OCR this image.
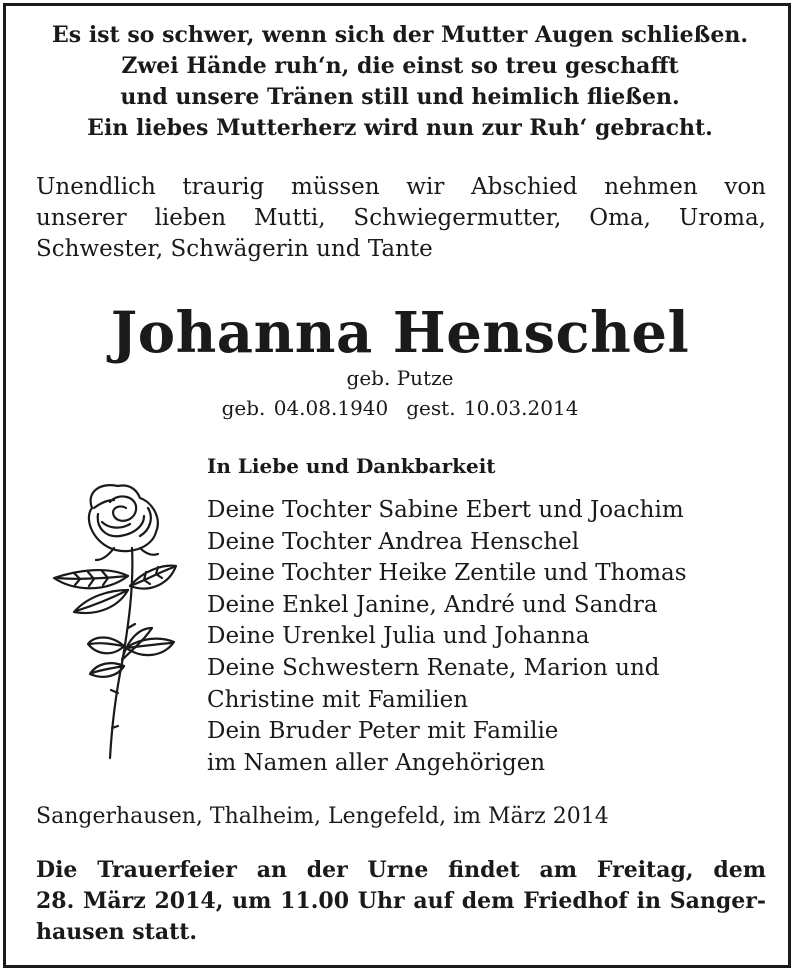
Es ist so schwer, wenn sich der Mutter Augen schließen.
Zwei Hände ruh‘n, die einst so treu geschafft
und unsere Tränen still und heimlich fließen.
Ein liebes Mutterherz wird nun zur Ruh‘ gebracht.
Unendlich traurig müssen wir Abschied nehmen von
unserer lieben Mutti, Schwiegermutter, Oma, Uroma,
Schwester, Schwägerin und Tante
Johanna Henschel
geb. Putze
geb. 04.08.1940 gest. 10.03.2014
In Liebe und Dankbarkeit
Deine Tochter Sabine Ebert und Joachim
Deine Tochter Andrea Henschel
Deine Tochter Heike Zentile und Thomas
Deine Enkel Janine, André und Sandra
Deine Urenkel Julia und Johanna
Deine Schwestern Renate, Marion und
Christine mit Familien
Dein Bruder Peter mit Familie
im Namen aller Angehörigen
Sangerhausen, Thalheim, Lengefeld, im März 2014
Die Trauerfeier an der Urne findet am Freitag, dem
28. März 2014, um 11.00 Uhr auf dem Friedhof in Sanger-
hausen statt.
